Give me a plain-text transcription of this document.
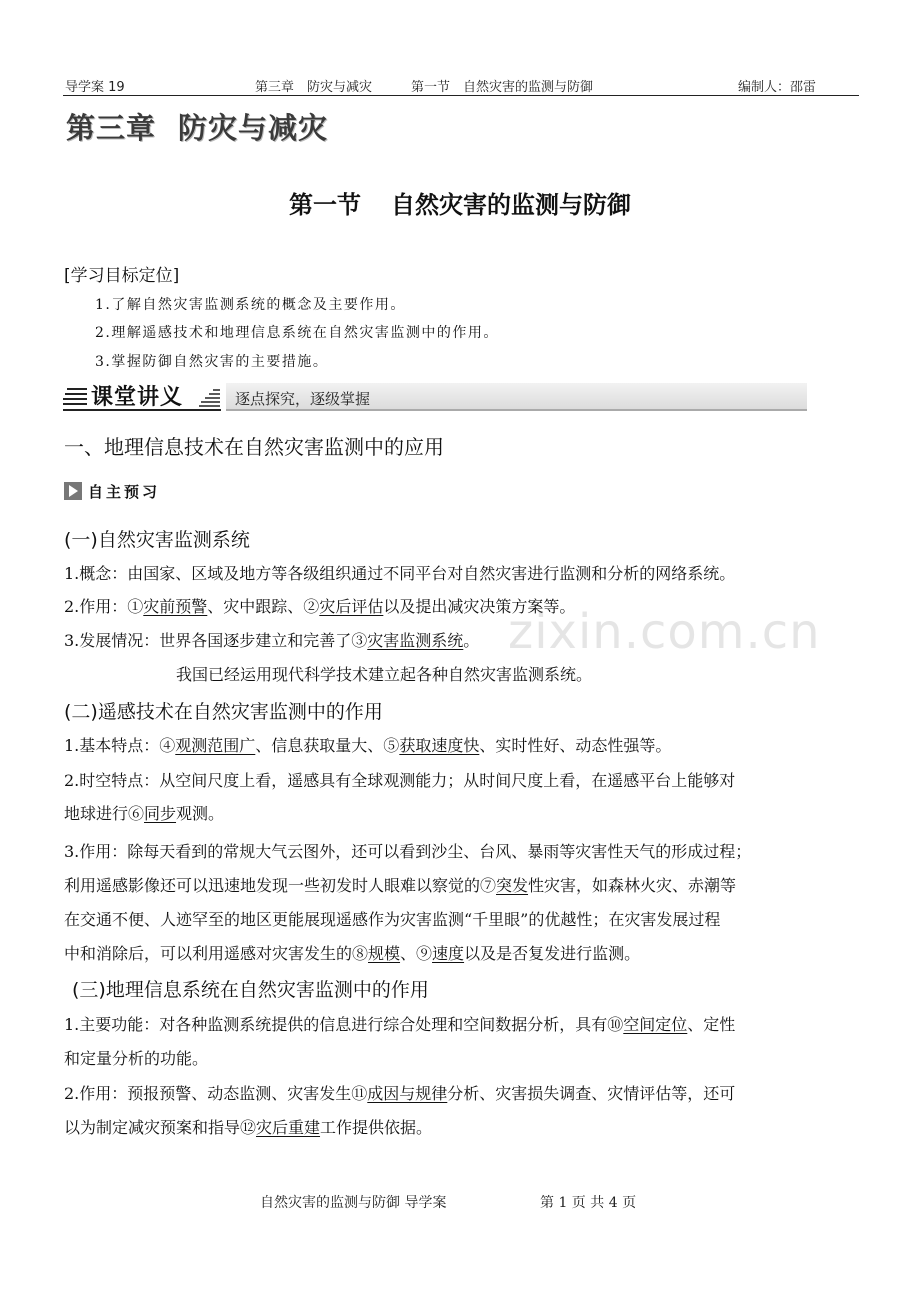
导学案 19	第三章　防灾与减灾　　　第一节　自然灾害的监测与防御	编制人：邵雷
第三章 防灾与减灾
第一节 自然灾害的监测与防御
[学习目标定位]
1.了解自然灾害监测系统的概念及主要作用。
2.理解遥感技术和地理信息系统在自然灾害监测中的作用。
3.掌握防御自然灾害的主要措施。
课堂讲义	逐点探究，逐级掌握
一、地理信息技术在自然灾害监测中的应用
自主预习
(一)自然灾害监测系统
1.概念：由国家、区域及地方等各级组织通过不同平台对自然灾害进行监测和分析的网络系统。
2.作用：①灾前预警、灾中跟踪、②灾后评估以及提出减灾决策方案等。
3.发展情况：世界各国逐步建立和完善了③灾害监测系统。
我国已经运用现代科学技术建立起各种自然灾害监测系统。
zixin.com.cn
(二)遥感技术在自然灾害监测中的作用
1.基本特点：④观测范围广、信息获取量大、⑤获取速度快、实时性好、动态性强等。
2.时空特点：从空间尺度上看，遥感具有全球观测能力；从时间尺度上看，在遥感平台上能够对
地球进行⑥同步观测。
3.作用：除每天看到的常规大气云图外，还可以看到沙尘、台风、暴雨等灾害性天气的形成过程；
利用遥感影像还可以迅速地发现一些初发时人眼难以察觉的⑦突发性灾害，如森林火灾、赤潮等
在交通不便、人迹罕至的地区更能展现遥感作为灾害监测“千里眼”的优越性；在灾害发展过程
中和消除后，可以利用遥感对灾害发生的⑧规模、⑨速度以及是否复发进行监测。
(三)地理信息系统在自然灾害监测中的作用
1.主要功能：对各种监测系统提供的信息进行综合处理和空间数据分析，具有⑩空间定位、定性
和定量分析的功能。
2.作用：预报预警、动态监测、灾害发生⑪成因与规律分析、灾害损失调查、灾情评估等，还可
以为制定减灾预案和指导⑫灾后重建工作提供依据。
自然灾害的监测与防御 导学案	第 1 页 共 4 页
